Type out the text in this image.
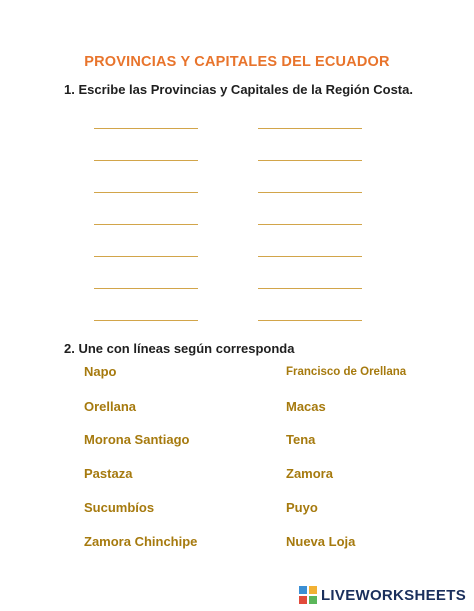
PROVINCIAS Y CAPITALES DEL ECUADOR
1. Escribe las Provincias y Capitales de la Región Costa.
2. Une con líneas según corresponda
Napo
Orellana
Morona Santiago
Pastaza
Sucumbíos
Zamora Chinchipe
Francisco de Orellana
Macas
Tena
Zamora
Puyo
Nueva Loja
LIVEWORKSHEETS
